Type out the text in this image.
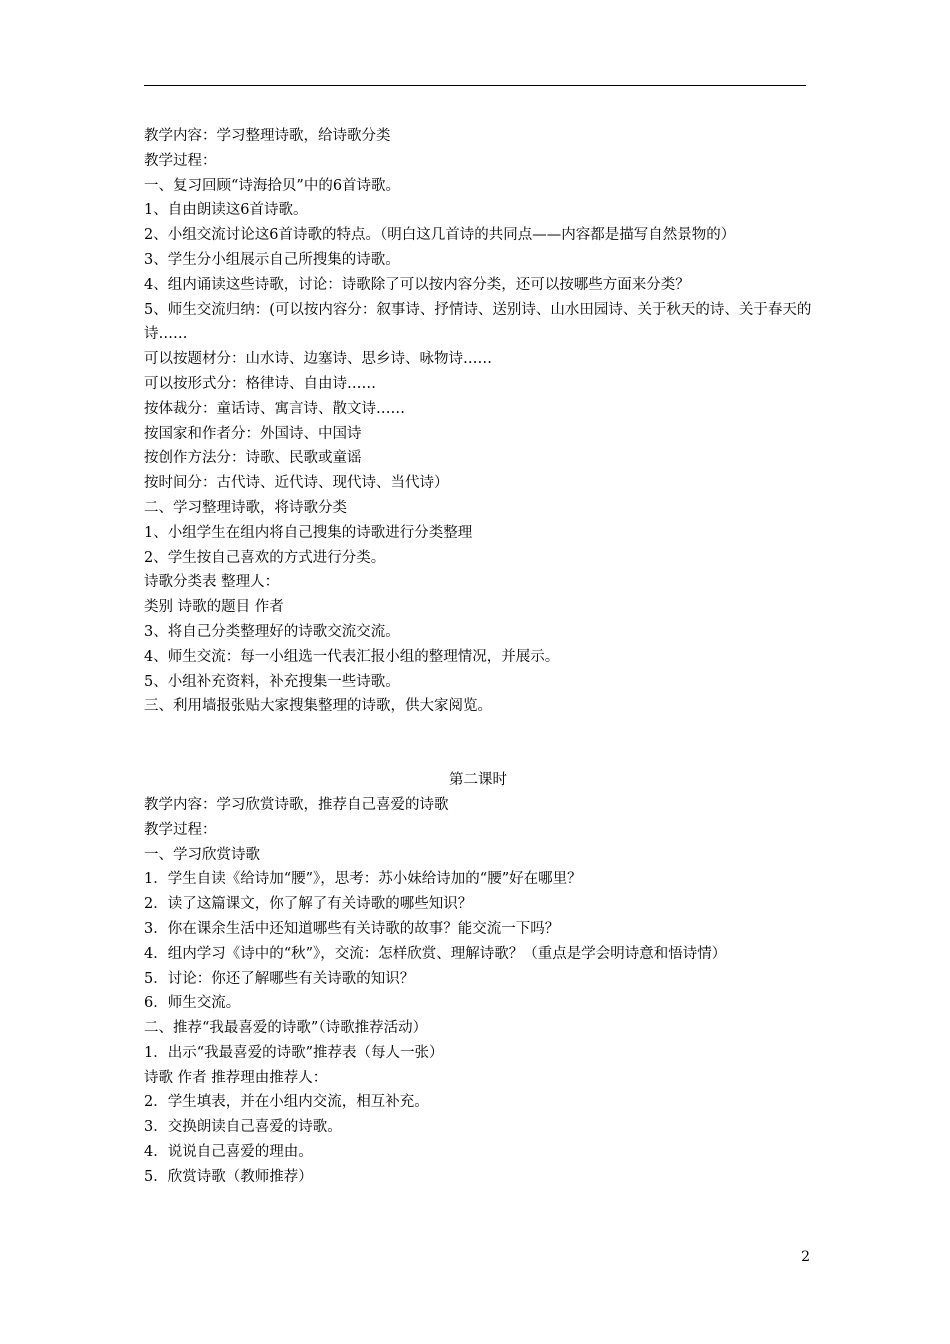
教学内容：学习整理诗歌，给诗歌分类
教学过程：
一、复习回顾“诗海拾贝”中的6首诗歌。
1、自由朗读这6首诗歌。
2、小组交流讨论这6首诗歌的特点。（明白这几首诗的共同点——内容都是描写自然景物的）
3、学生分小组展示自己所搜集的诗歌。
4、组内诵读这些诗歌，讨论：诗歌除了可以按内容分类，还可以按哪些方面来分类？
5、师生交流归纳：(可以按内容分：叙事诗、抒情诗、送别诗、山水田园诗、关于秋天的诗、关于春天的诗……
可以按题材分：山水诗、边塞诗、思乡诗、咏物诗……
可以按形式分：格律诗、自由诗……
按体裁分：童话诗、寓言诗、散文诗……
按国家和作者分：外国诗、中国诗
按创作方法分：诗歌、民歌或童谣
按时间分：古代诗、近代诗、现代诗、当代诗）
二、学习整理诗歌，将诗歌分类
1、小组学生在组内将自己搜集的诗歌进行分类整理
2、学生按自己喜欢的方式进行分类。
诗歌分类表 整理人：
类别 诗歌的题目 作者
3、将自己分类整理好的诗歌交流交流。
4、师生交流：每一小组选一代表汇报小组的整理情况，并展示。
5、小组补充资料，补充搜集一些诗歌。
三、利用墙报张贴大家搜集整理的诗歌，供大家阅览。
第二课时
教学内容：学习欣赏诗歌，推荐自己喜爱的诗歌
教学过程：
一、学习欣赏诗歌
1．学生自读《给诗加“腰”》，思考：苏小妹给诗加的“腰”好在哪里？
2．读了这篇课文，你了解了有关诗歌的哪些知识？
3．你在课余生活中还知道哪些有关诗歌的故事？能交流一下吗？
4．组内学习《诗中的“秋”》，交流：怎样欣赏、理解诗歌？（重点是学会明诗意和悟诗情）
5．讨论：你还了解哪些有关诗歌的知识？
6．师生交流。
二、推荐“我最喜爱的诗歌”（诗歌推荐活动）
1．出示“我最喜爱的诗歌”推荐表（每人一张）
诗歌 作者 推荐理由推荐人：
2．学生填表，并在小组内交流，相互补充。
3．交换朗读自己喜爱的诗歌。
4．说说自己喜爱的理由。
5．欣赏诗歌（教师推荐）
2
